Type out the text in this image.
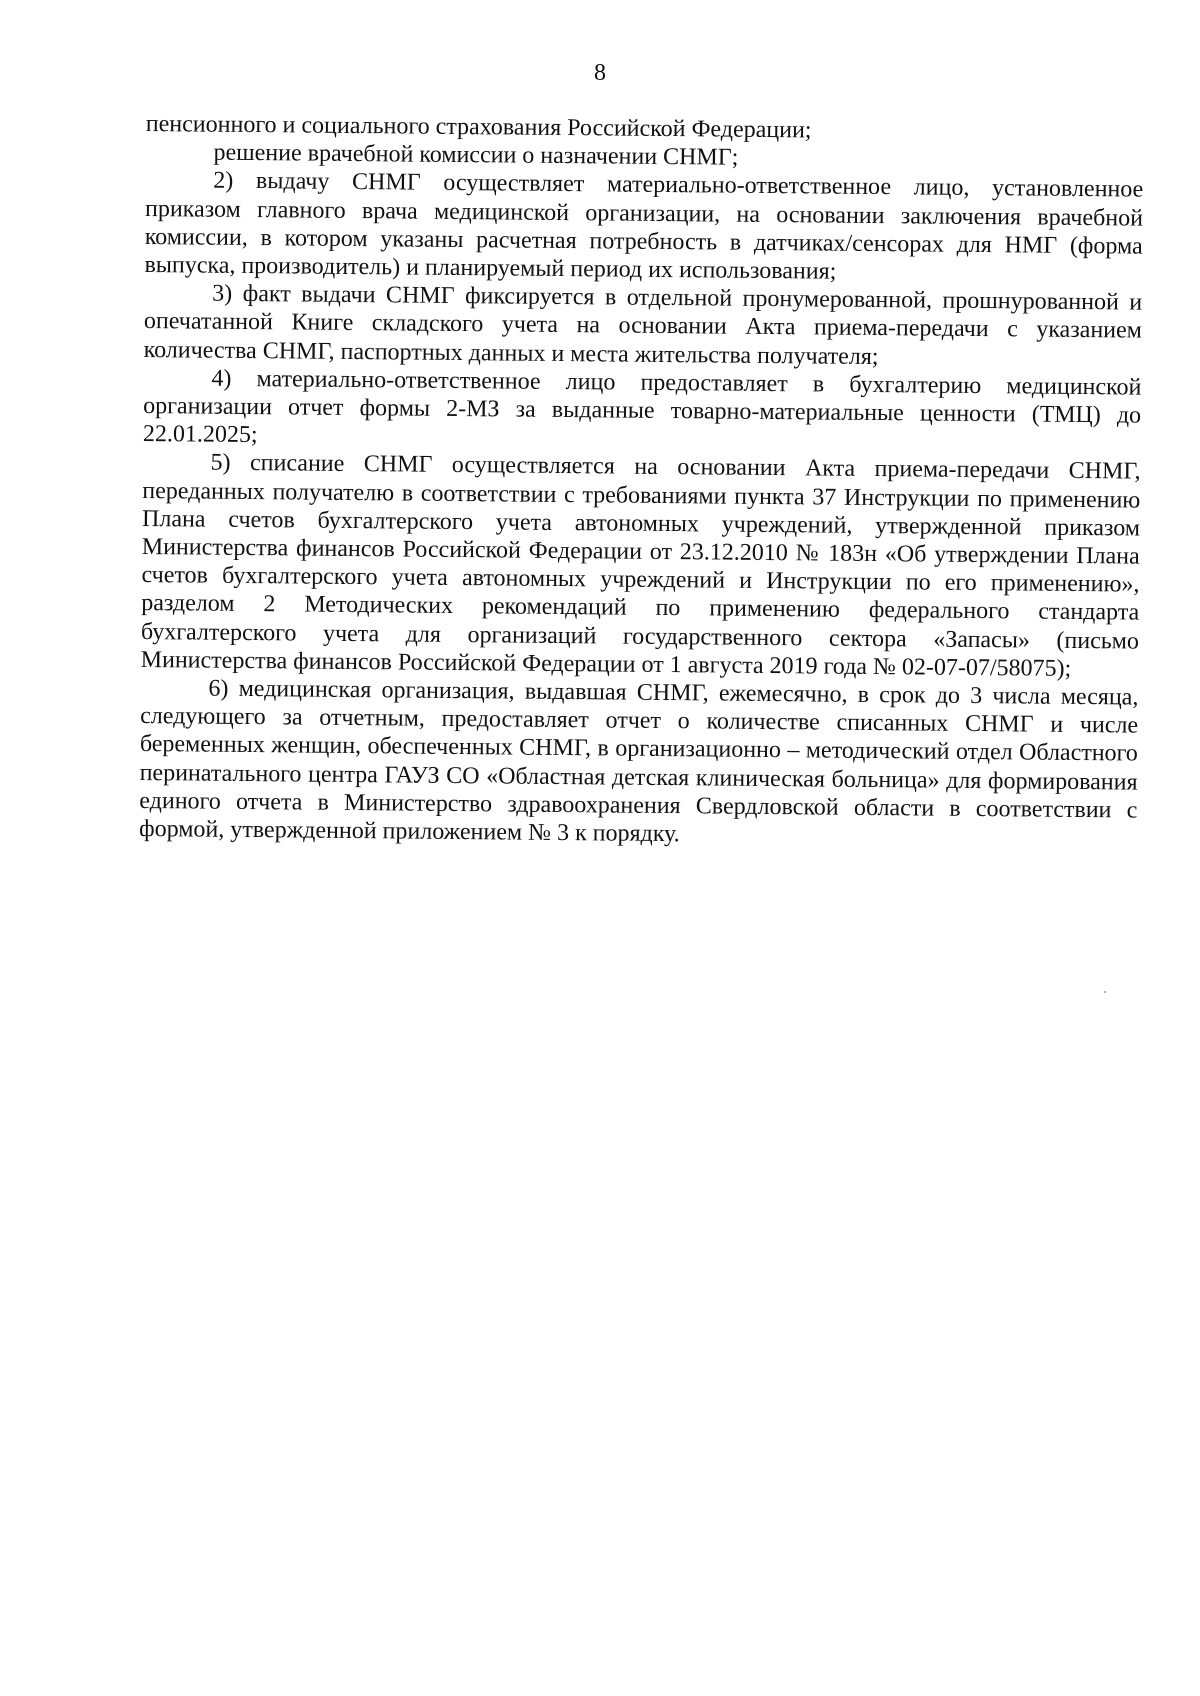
8

пенсионного и социального страхования Российской Федерации;

решение врачебной комиссии о назначении СНМГ;

2) выдачу СНМГ осуществляет материально-ответственное лицо, установленное приказом главного врача медицинской организации, на основании заключения врачебной комиссии, в котором указаны расчетная потребность в датчиках/сенсорах для НМГ (форма выпуска, производитель) и планируемый период их использования;

3) факт выдачи СНМГ фиксируется в отдельной пронумерованной, прошнурованной и опечатанной Книге складского учета на основании Акта приема-передачи с указанием количества СНМГ, паспортных данных и места жительства получателя;

4) материально-ответственное лицо предоставляет в бухгалтерию медицинской организации отчет формы 2-МЗ за выданные товарно-материальные ценности (ТМЦ) до 22.01.2025;

5) списание СНМГ осуществляется на основании Акта приема-передачи СНМГ, переданных получателю в соответствии с требованиями пункта 37 Инструкции по применению Плана счетов бухгалтерского учета автономных учреждений, утвержденной приказом Министерства финансов Российской Федерации от 23.12.2010 № 183н «Об утверждении Плана счетов бухгалтерского учета автономных учреждений и Инструкции по его применению», разделом 2 Методических рекомендаций по применению федерального стандарта бухгалтерского учета для организаций государственного сектора «Запасы» (письмо Министерства финансов Российской Федерации от 1 августа 2019 года № 02-07-07/58075);

6) медицинская организация, выдавшая СНМГ, ежемесячно, в срок до 3 числа месяца, следующего за отчетным, предоставляет отчет о количестве списанных СНМГ и числе беременных женщин, обеспеченных СНМГ, в организационно – методический отдел Областного перинатального центра ГАУЗ СО «Областная детская клиническая больница» для формирования единого отчета в Министерство здравоохранения Свердловской области в соответствии с формой, утвержденной приложением № 3 к порядку.
